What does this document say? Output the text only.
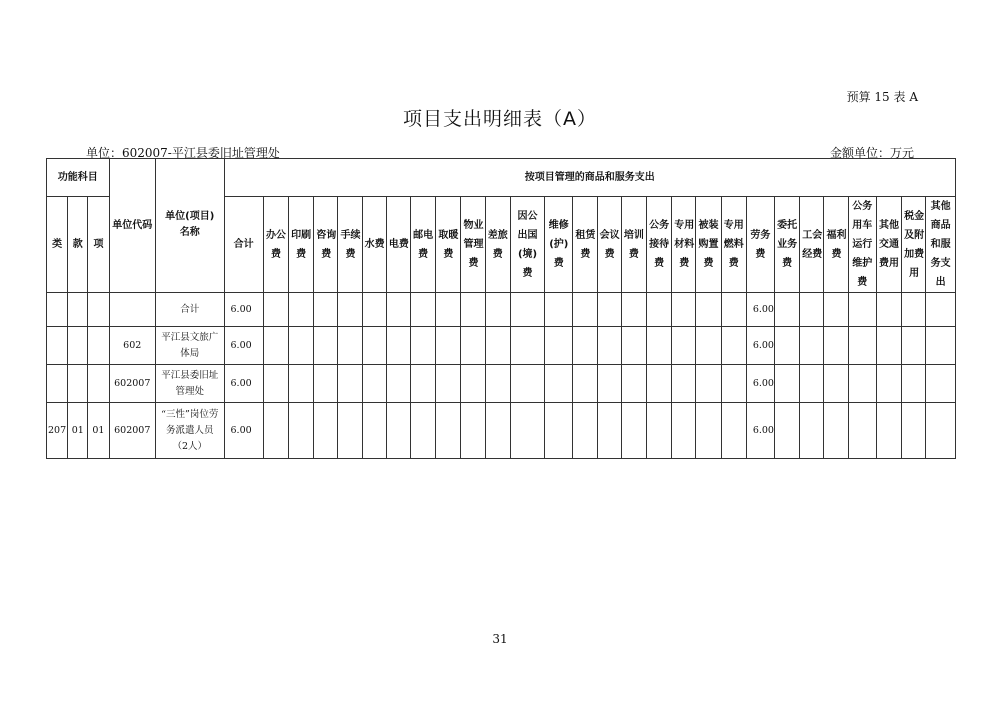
预算 15 表 A
项目支出明细表（A）
单位：602007-平江县委旧址管理处	金额单位：万元
功能科目			单位代码	单位(项目)名称	按项目管理的商品和服务支出																											
类	款	项			合计	办公费	印刷费	咨询费	手续费	水费	电费	邮电费	取暖费	物业管理费	差旅费	因公出国(境)费	维修(护)费	租赁费	会议费	培训费	公务接待费	专用材料费	被装购置费	专用燃料费	劳务费	委托业务费	工会经费	福利费	公务用车运行维护费	其他交通费用	税金及附加费用	其他商品和服务支出
				合计	6.00																				6.00							
			602	平江县文旅广体局	6.00																				6.00							
			602007	平江县委旧址管理处	6.00																				6.00							
207	01	01	602007	“三性”岗位劳务派遣人员（2人）	6.00																				6.00							
31
